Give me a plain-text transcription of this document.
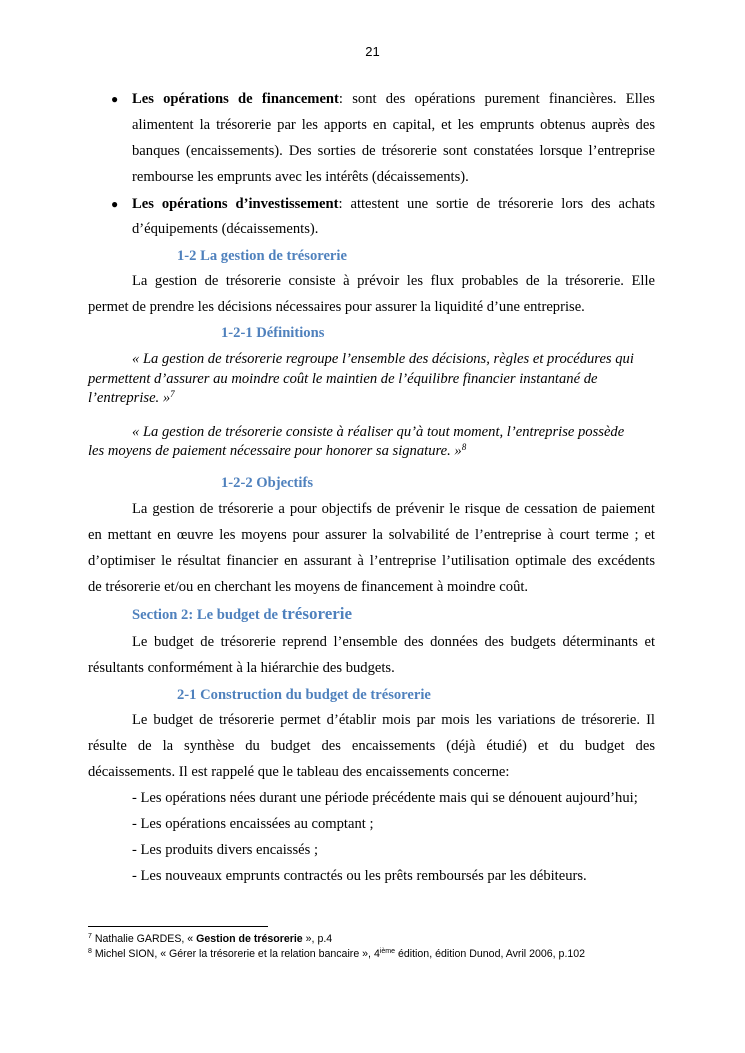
21
● Les opérations de financement: sont des opérations purement financières. Elles
alimentent la trésorerie par les apports en capital, et les emprunts obtenus auprès des
banques (encaissements). Des sorties de trésorerie sont constatées lorsque l’entreprise
rembourse les emprunts avec les intérêts (décaissements).
● Les opérations d’investissement: attestent une sortie de trésorerie lors des achats
d’équipements (décaissements).
1-2 La gestion de trésorerie
La gestion de trésorerie consiste à prévoir les flux probables de la trésorerie. Elle
permet de prendre les décisions nécessaires pour assurer la liquidité d’une entreprise.
1-2-1 Définitions
« La gestion de trésorerie regroupe l’ensemble des décisions, règles et procédures qui
permettent d’assurer au moindre coût le maintien de l’équilibre financier instantané de
l’entreprise. »$^7$
« La gestion de trésorerie consiste à réaliser qu’à tout moment, l’entreprise possède
les moyens de paiement nécessaire pour honorer sa signature. »$^8$
1-2-2 Objectifs
La gestion de trésorerie a pour objectifs de prévenir le risque de cessation de paiement
en mettant en œuvre les moyens pour assurer la solvabilité de l’entreprise à court terme ; et
d’optimiser le résultat financier en assurant à l’entreprise l’utilisation optimale des excédents
de trésorerie et/ou en cherchant les moyens de financement à moindre coût.
Section 2: Le budget de trésorerie
Le budget de trésorerie reprend l’ensemble des données des budgets déterminants et
résultants conformément à la hiérarchie des budgets.
2-1 Construction du budget de trésorerie
Le budget de trésorerie permet d’établir mois par mois les variations de trésorerie. Il
résulte de la synthèse du budget des encaissements (déjà étudié) et du budget des
décaissements. Il est rappelé que le tableau des encaissements concerne:
- Les opérations nées durant une période précédente mais qui se dénouent aujourd’hui;
- Les opérations encaissées au comptant ;
- Les produits divers encaissés ;
- Les nouveaux emprunts contractés ou les prêts remboursés par les débiteurs.
$^7$ Nathalie GARDES, « Gestion de trésorerie », p.4
$^8$ Michel SION, « Gérer la trésorerie et la relation bancaire », 4ième édition, édition Dunod, Avril 2006, p.102
